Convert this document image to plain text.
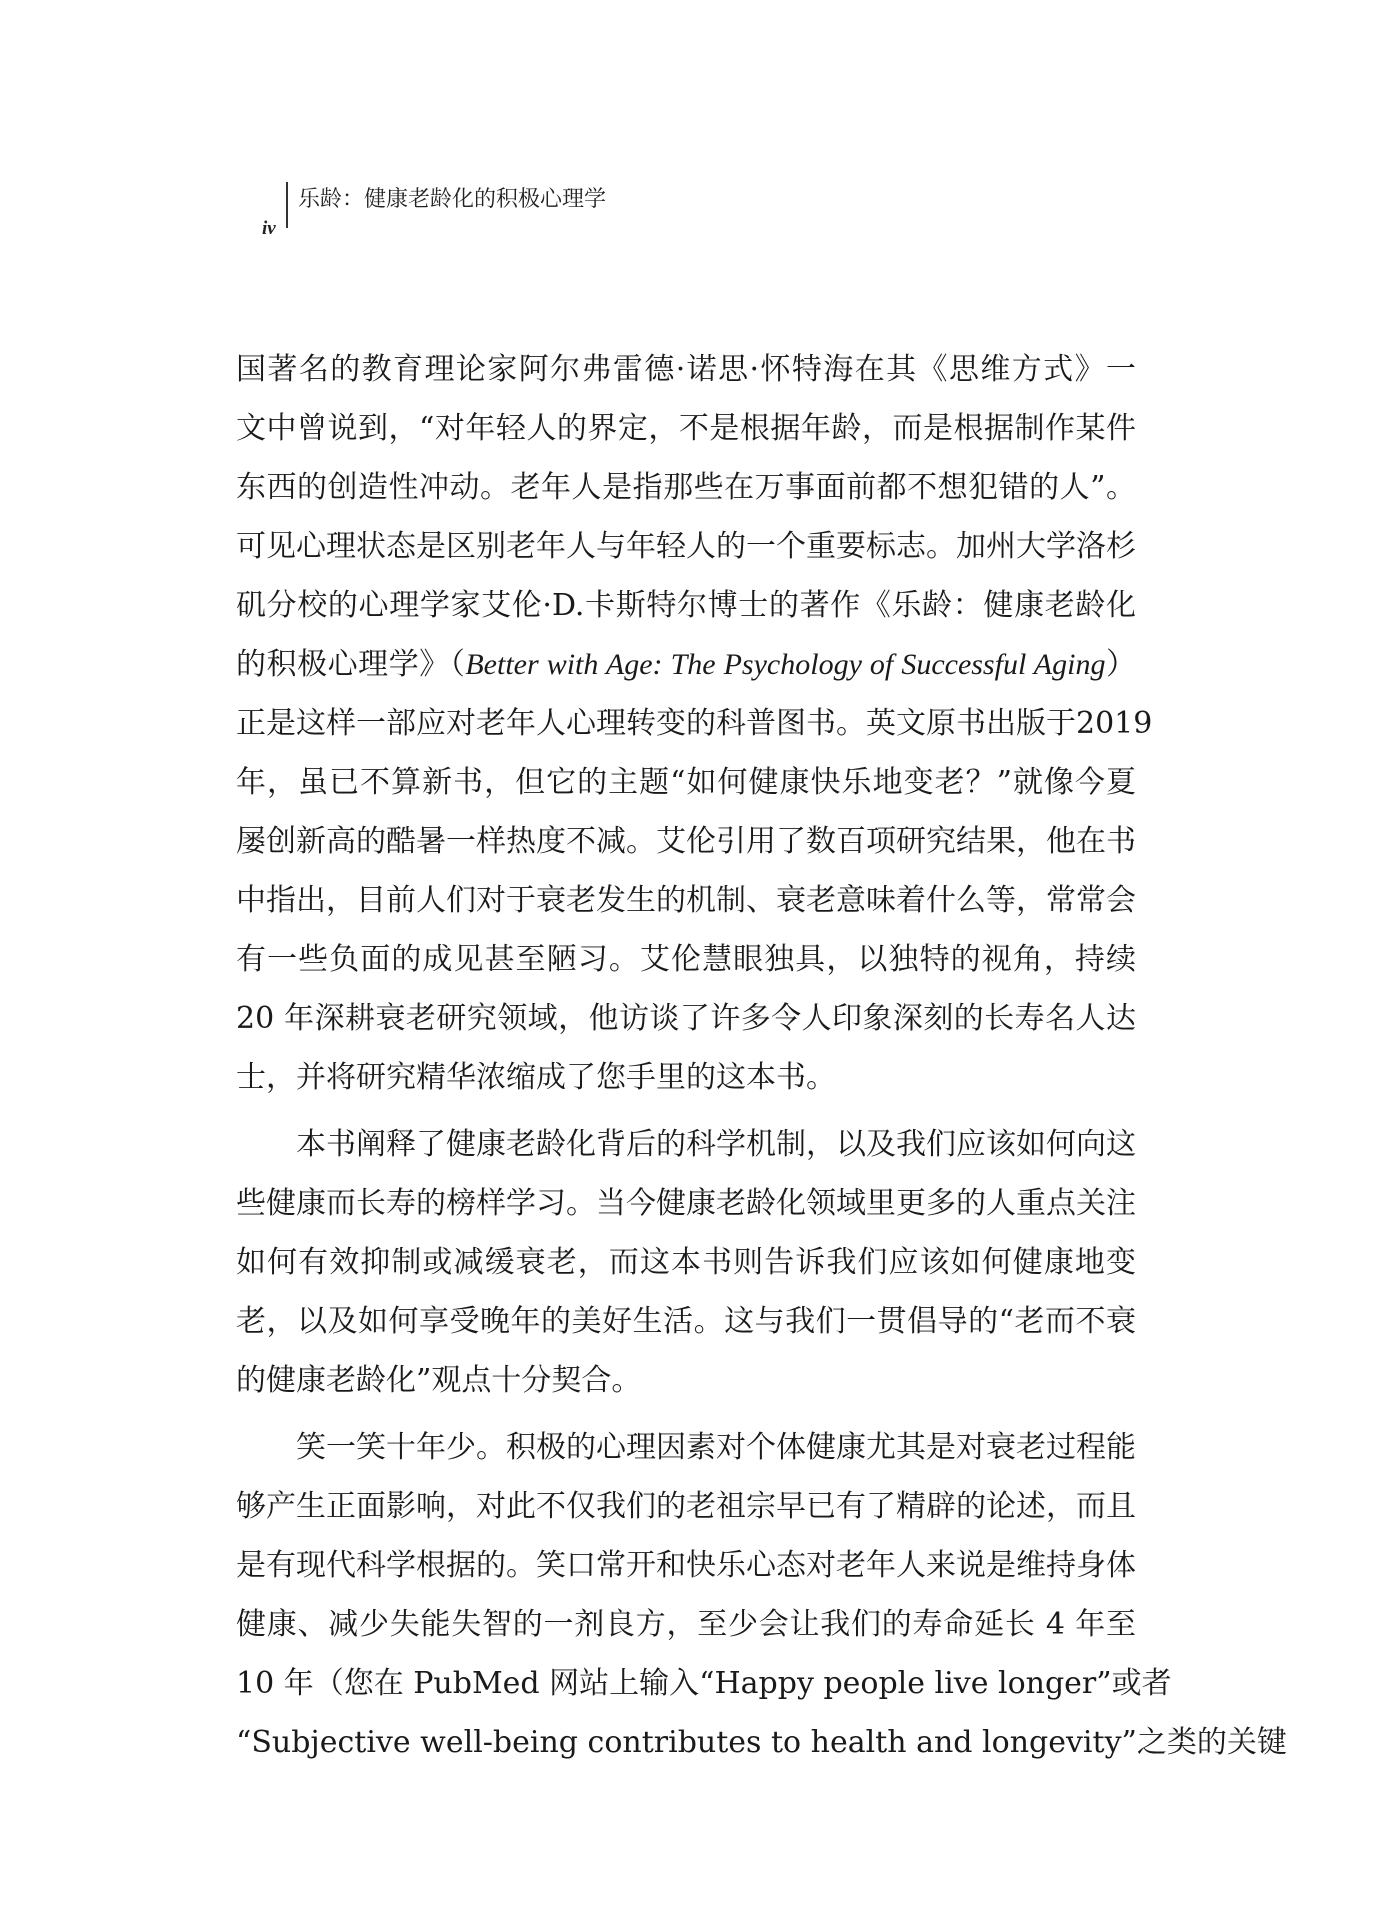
iv
乐龄：健康老龄化的积极心理学
国著名的教育理论家阿尔弗雷德·诺思·怀特海在其《思维方式》一
文中曾说到，“对年轻人的界定，不是根据年龄，而是根据制作某件
东西的创造性冲动。老年人是指那些在万事面前都不想犯错的人”。
可见心理状态是区别老年人与年轻人的一个重要标志。加州大学洛杉
矶分校的心理学家艾伦·D.卡斯特尔博士的著作《乐龄：健康老龄化
的积极心理学》（Better with Age: The Psychology of Successful Aging）
正是这样一部应对老年人心理转变的科普图书。英文原书出版于2019
年，虽已不算新书，但它的主题“如何健康快乐地变老？”就像今夏
屡创新高的酷暑一样热度不减。艾伦引用了数百项研究结果，他在书
中指出，目前人们对于衰老发生的机制、衰老意味着什么等，常常会
有一些负面的成见甚至陋习。艾伦慧眼独具，以独特的视角，持续
20 年深耕衰老研究领域，他访谈了许多令人印象深刻的长寿名人达
士，并将研究精华浓缩成了您手里的这本书。
本书阐释了健康老龄化背后的科学机制，以及我们应该如何向这
些健康而长寿的榜样学习。当今健康老龄化领域里更多的人重点关注
如何有效抑制或减缓衰老，而这本书则告诉我们应该如何健康地变
老，以及如何享受晚年的美好生活。这与我们一贯倡导的“老而不衰
的健康老龄化”观点十分契合。
笑一笑十年少。积极的心理因素对个体健康尤其是对衰老过程能
够产生正面影响，对此不仅我们的老祖宗早已有了精辟的论述，而且
是有现代科学根据的。笑口常开和快乐心态对老年人来说是维持身体
健康、减少失能失智的一剂良方，至少会让我们的寿命延长 4 年至
10 年（您在 PubMed 网站上输入“Happy people live longer”或者
“Subjective well-being contributes to health and longevity”之类的关键
